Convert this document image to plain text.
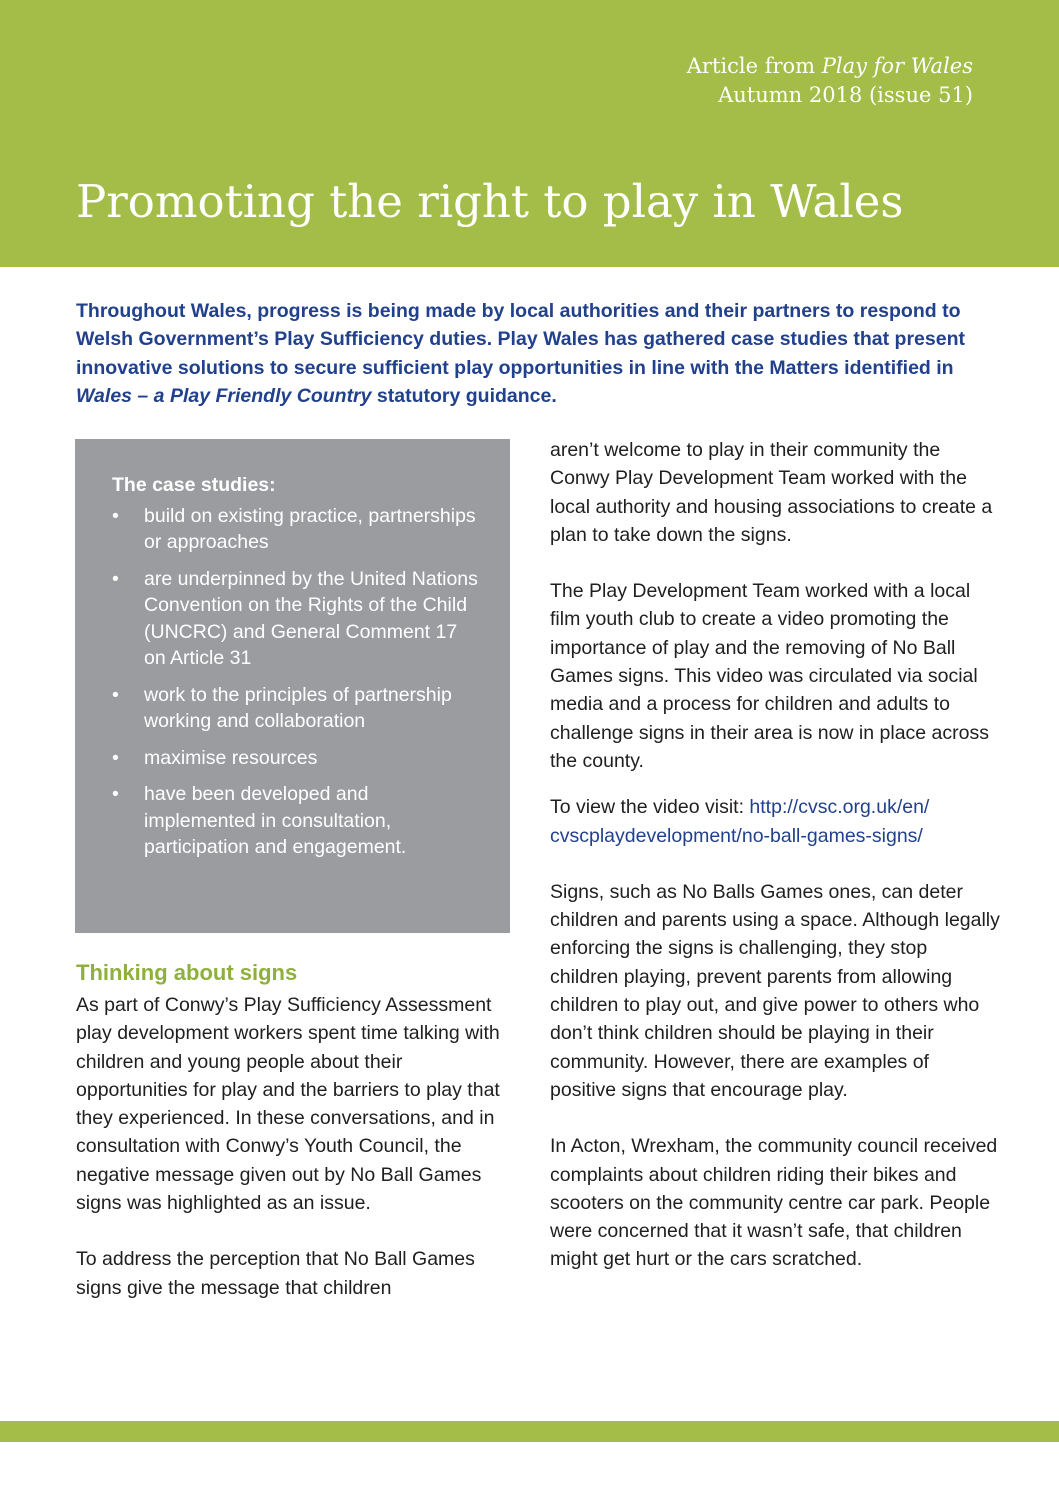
Article from Play for Wales
Autumn 2018 (issue 51)
Promoting the right to play in Wales

Throughout Wales, progress is being made by local authorities and their partners to respond to Welsh Government’s Play Sufficiency duties. Play Wales has gathered case studies that present innovative solutions to secure sufficient play opportunities in line with the Matters identified in Wales – a Play Friendly Country statutory guidance.

The case studies:
• build on existing practice, partnerships or approaches
• are underpinned by the United Nations Convention on the Rights of the Child (UNCRC) and General Comment 17 on Article 31
• work to the principles of partnership working and collaboration
• maximise resources
• have been developed and implemented in consultation, participation and engagement.
Thinking about signs

As part of Conwy’s Play Sufficiency Assessment play development workers spent time talking with children and young people about their opportunities for play and the barriers to play that they experienced. In these conversations, and in consultation with Conwy’s Youth Council, the negative message given out by No Ball Games signs was highlighted as an issue.

To address the perception that No Ball Games signs give the message that children

aren’t welcome to play in their community the Conwy Play Development Team worked with the local authority and housing associations to create a plan to take down the signs.

The Play Development Team worked with a local film youth club to create a video promoting the importance of play and the removing of No Ball Games signs. This video was circulated via social media and a process for children and adults to challenge signs in their area is now in place across the county.

To view the video visit: http://cvsc.org.uk/en/
cvscplaydevelopment/no-ball-games-signs/

Signs, such as No Balls Games ones, can deter children and parents using a space. Although legally enforcing the signs is challenging, they stop children playing, prevent parents from allowing children to play out, and give power to others who don’t think children should be playing in their community. However, there are examples of positive signs that encourage play.

In Acton, Wrexham, the community council received complaints about children riding their bikes and scooters on the community centre car park. People were concerned that it wasn’t safe, that children might get hurt or the cars scratched.
